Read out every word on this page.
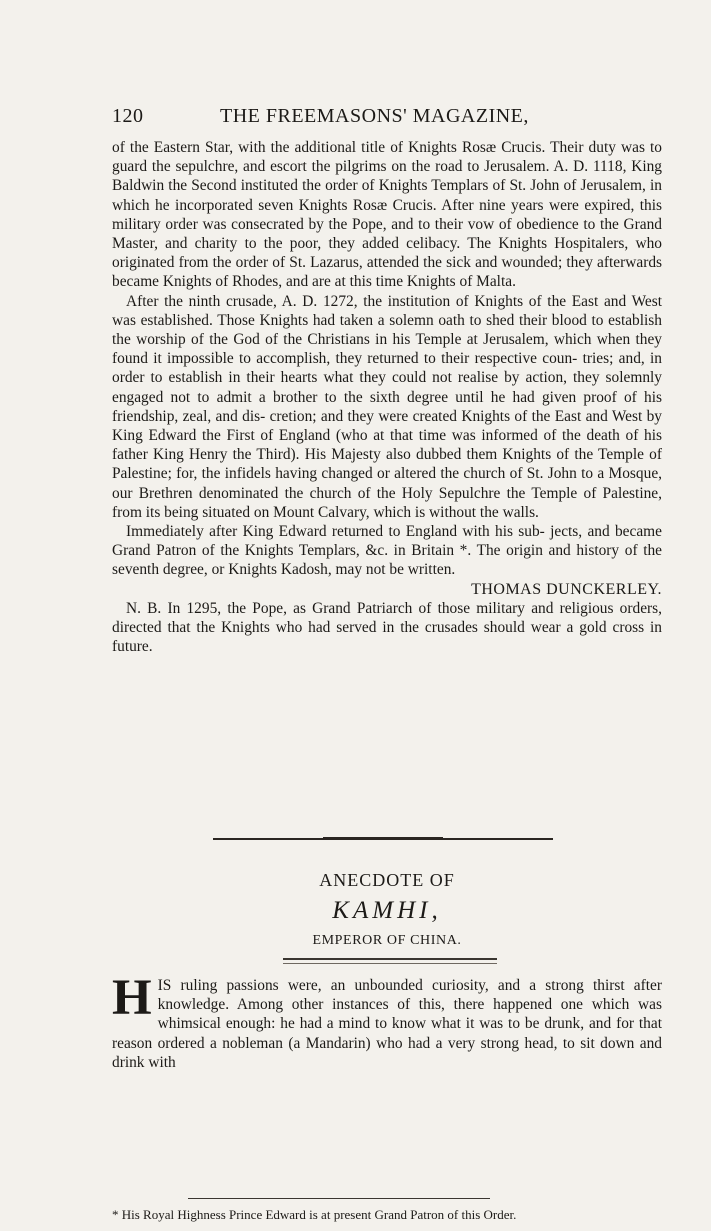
120	THE FREEMASONS' MAGAZINE,

of the Eastern Star, with the additional title of Knights Rosæ Crucis. Their duty was to guard the sepulchre, and escort the pilgrims on the road to Jerusalem. A. D. 1118, King Baldwin the Second instituted the order of Knights Templars of St. John of Jerusalem, in which he incorporated seven Knights Rosæ Crucis. After nine years were expired, this military order was consecrated by the Pope, and to their vow of obedience to the Grand Master, and charity to the poor, they added celibacy. The Knights Hospitalers, who originated from the order of St. Lazarus, attended the sick and wounded; they afterwards became Knights of Rhodes, and are at this time Knights of Malta.

After the ninth crusade, A. D. 1272, the institution of Knights of the East and West was established. Those Knights had taken a solemn oath to shed their blood to establish the worship of the God of the Christians in his Temple at Jerusalem, which when they found it impossible to accomplish, they returned to their respective coun- tries; and, in order to establish in their hearts what they could not realise by action, they solemnly engaged not to admit a brother to the sixth degree until he had given proof of his friendship, zeal, and dis- cretion; and they were created Knights of the East and West by King Edward the First of England (who at that time was informed of the death of his father King Henry the Third). His Majesty also dubbed them Knights of the Temple of Palestine; for, the infidels having changed or altered the church of St. John to a Mosque, our Brethren denominated the church of the Holy Sepulchre the Temple of Palestine, from its being situated on Mount Calvary, which is without the walls.

Immediately after King Edward returned to England with his sub- jects, and became Grand Patron of the Knights Templars, &c. in Britain *. The origin and history of the seventh degree, or Knights Kadosh, may not be written.

THOMAS DUNCKERLEY.

N. B. In 1295, the Pope, as Grand Patriarch of those military and religious orders, directed that the Knights who had served in the crusades should wear a gold cross in future.

ANECDOTE OF
KAMHI,
EMPEROR OF CHINA.
H IS ruling passions were, an unbounded curiosity, and a strong thirst after knowledge. Among other instances of this, there happened one which was whimsical enough: he had a mind to know what it was to be drunk, and for that reason ordered a nobleman (a Mandarin) who had a very strong head, to sit down and drink with
* His Royal Highness Prince Edward is at present Grand Patron of this Order.
